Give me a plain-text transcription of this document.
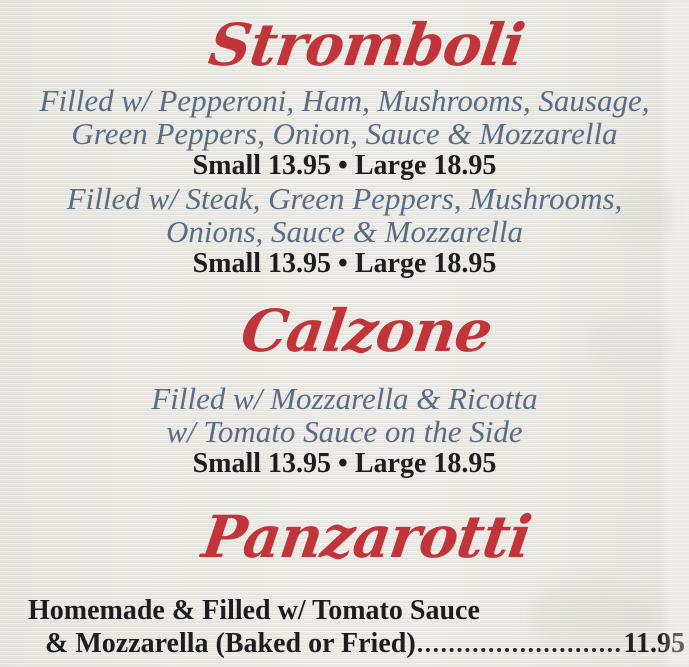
Stromboli

Filled w/ Pepperoni, Ham, Mushrooms, Sausage,

Green Peppers, Onion, Sauce & Mozzarella

Small 13.95 • Large 18.95

Filled w/ Steak, Green Peppers, Mushrooms,

Onions, Sauce & Mozzarella

Small 13.95 • Large 18.95

Calzone

Filled w/ Mozzarella & Ricotta

w/ Tomato Sauce on the Side

Small 13.95 • Large 18.95

Panzarotti

Homemade & Filled w/ Tomato Sauce

& Mozzarella (Baked or Fried)	11.95
